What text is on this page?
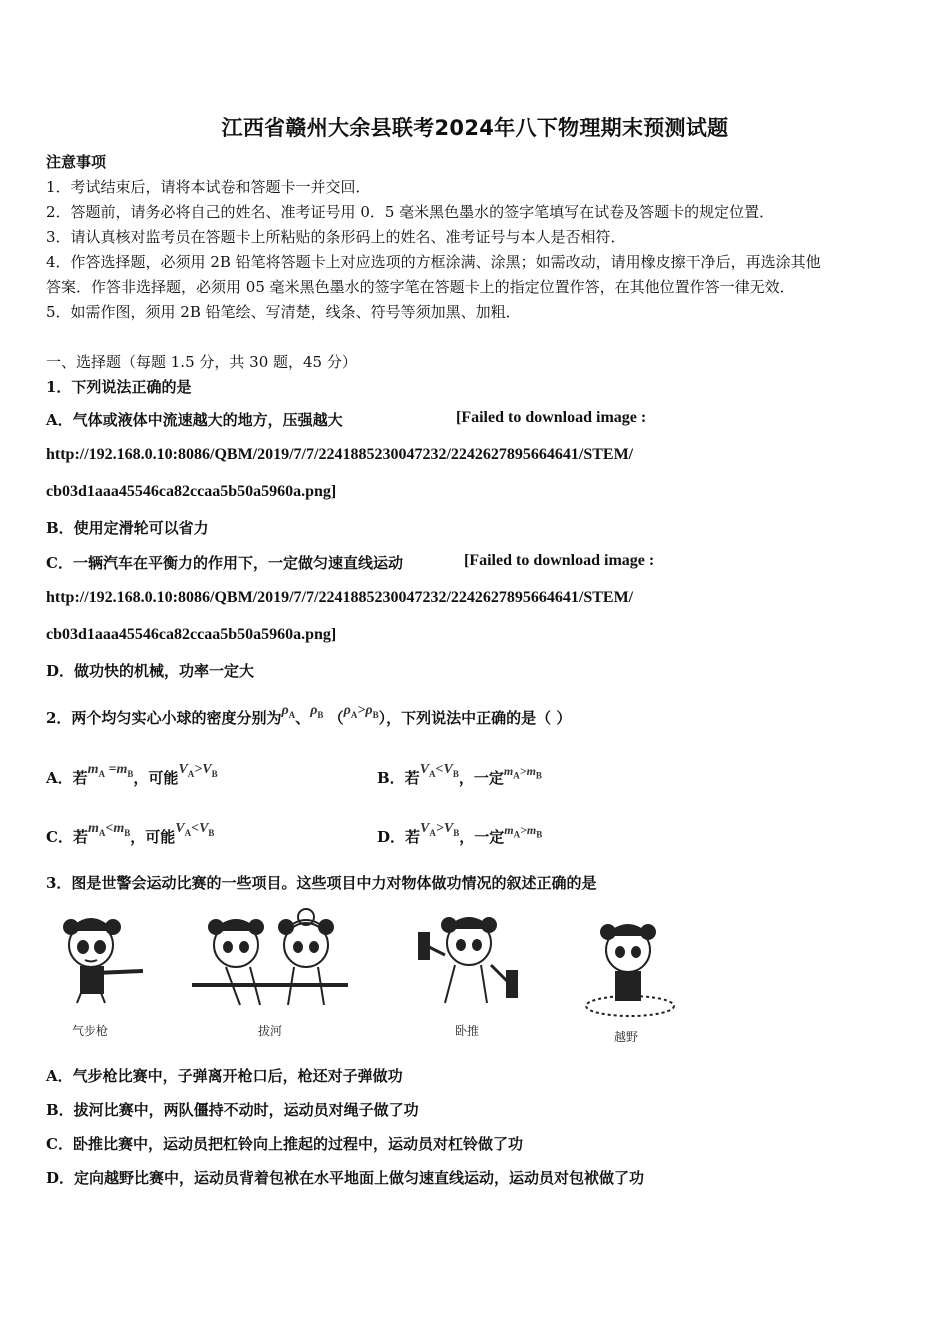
江西省赣州大余县联考2024年八下物理期末预测试题
注意事项
1．考试结束后，请将本试卷和答题卡一并交回．
2．答题前，请务必将自己的姓名、准考证号用 0．5 毫米黑色墨水的签字笔填写在试卷及答题卡的规定位置．
3．请认真核对监考员在答题卡上所粘贴的条形码上的姓名、准考证号与本人是否相符．
4．作答选择题，必须用 2B 铅笔将答题卡上对应选项的方框涂满、涂黑；如需改动，请用橡皮擦干净后，再选涂其他
答案．作答非选择题，必须用 05 毫米黑色墨水的签字笔在答题卡上的指定位置作答，在其他位置作答一律无效．
5．如需作图，须用 2B 铅笔绘、写清楚，线条、符号等须加黑、加粗．
一、选择题（每题 1.5 分，共 30 题，45 分）
1．下列说法正确的是
A．气体或液体中流速越大的地方，压强越大	[Failed to download image :
http://192.168.0.10:8086/QBM/2019/7/7/2241885230047232/2242627895664641/STEM/
cb03d1aaa45546ca82ccaa5b50a5960a.png]
B．使用定滑轮可以省力
C．一辆汽车在平衡力的作用下，一定做匀速直线运动	[Failed to download image :
http://192.168.0.10:8086/QBM/2019/7/7/2241885230047232/2242627895664641/STEM/
cb03d1aaa45546ca82ccaa5b50a5960a.png]
D．做功快的机械，功率一定大
2．两个均匀实心小球的密度分别为$\rho_A$、$\rho_B$ $(\rho_A>\rho_B)$，下列说法中正确的是（ ）
A．若$m_A =m_B$，可能$V_A>V_B$	B．若$V_A<V_B$，一定$^{m_A>m_B}$
C．若$m_A<m_B$，可能$V_A<V_B$	D．若$V_A>V_B$，一定$^{m_A>m_B}$
3．图是世警会运动比赛的一些项目。这些项目中力对物体做功情况的叙述正确的是
气步枪	拔河	卧推	越野
A．气步枪比赛中，子弹离开枪口后，枪还对子弹做功
B．拔河比赛中，两队僵持不动时，运动员对绳子做了功
C．卧推比赛中，运动员把杠铃向上推起的过程中，运动员对杠铃做了功
D．定向越野比赛中，运动员背着包袱在水平地面上做匀速直线运动，运动员对包袱做了功
